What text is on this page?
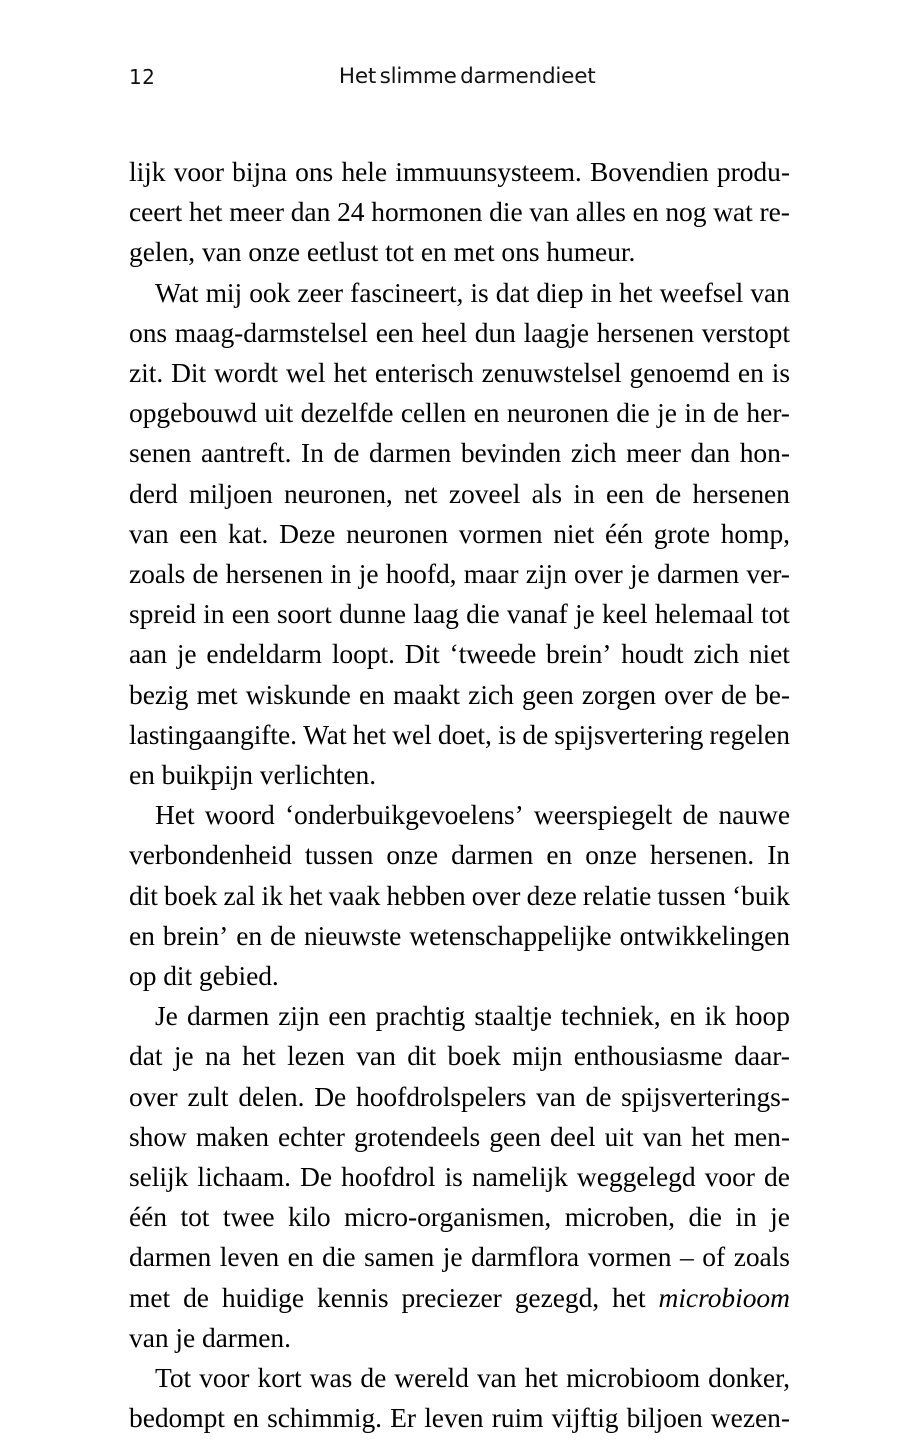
12	Het slimme darmendieet
lijk voor bijna ons hele immuunsysteem. Bovendien produ-
ceert het meer dan 24 hormonen die van alles en nog wat re-
gelen, van onze eetlust tot en met ons humeur.
Wat mij ook zeer fascineert, is dat diep in het weefsel van
ons maag-darmstelsel een heel dun laagje hersenen verstopt
zit. Dit wordt wel het enterisch zenuwstelsel genoemd en is
opgebouwd uit dezelfde cellen en neuronen die je in de her-
senen aantreft. In de darmen bevinden zich meer dan hon-
derd miljoen neuronen, net zoveel als in een de hersenen
van een kat. Deze neuronen vormen niet één grote homp,
zoals de hersenen in je hoofd, maar zijn over je darmen ver-
spreid in een soort dunne laag die vanaf je keel helemaal tot
aan je endeldarm loopt. Dit ‘tweede brein’ houdt zich niet
bezig met wiskunde en maakt zich geen zorgen over de be-
lastingaangifte. Wat het wel doet, is de spijsvertering regelen
en buikpijn verlichten.
Het woord ‘onderbuikgevoelens’ weerspiegelt de nauwe
verbondenheid tussen onze darmen en onze hersenen. In
dit boek zal ik het vaak hebben over deze relatie tussen ‘buik
en brein’ en de nieuwste wetenschappelijke ontwikkelingen
op dit gebied.
Je darmen zijn een prachtig staaltje techniek, en ik hoop
dat je na het lezen van dit boek mijn enthousiasme daar-
over zult delen. De hoofdrolspelers van de spijsverterings-
show maken echter grotendeels geen deel uit van het men-
selijk lichaam. De hoofdrol is namelijk weggelegd voor de
één tot twee kilo micro-organismen, microben, die in je
darmen leven en die samen je darmflora vormen – of zoals
met de huidige kennis preciezer gezegd, het microbioom
van je darmen.
Tot voor kort was de wereld van het microbioom donker,
bedompt en schimmig. Er leven ruim vijftig biljoen wezen-
